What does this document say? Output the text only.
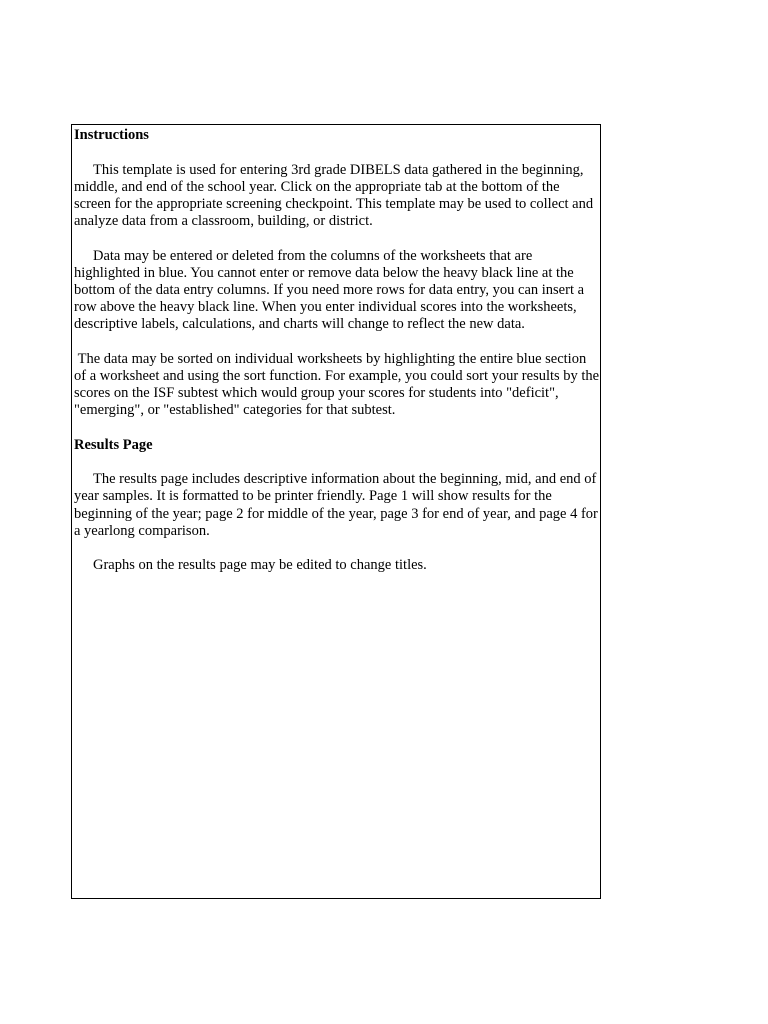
Instructions

This template is used for entering 3rd grade DIBELS data gathered in the beginning, middle, and end of the school year. Click on the appropriate tab at the bottom of the screen for the appropriate screening checkpoint. This template may be used to collect and analyze data from a classroom, building, or district.

Data may be entered or deleted from the columns of the worksheets that are highlighted in blue. You cannot enter or remove data below the heavy black line at the bottom of the data entry columns. If you need more rows for data entry, you can insert a row above the heavy black line. When you enter individual scores into the worksheets, descriptive labels, calculations, and charts will change to reflect the new data.

The data may be sorted on individual worksheets by highlighting the entire blue section of a worksheet and using the sort function. For example, you could sort your results by the scores on the ISF subtest which would group your scores for students into "deficit", "emerging", or "established" categories for that subtest.

Results Page

The results page includes descriptive information about the beginning, mid, and end of year samples. It is formatted to be printer friendly. Page 1 will show results for the beginning of the year; page 2 for middle of the year, page 3 for end of year, and page 4 for a yearlong comparison.

Graphs on the results page may be edited to change titles.
